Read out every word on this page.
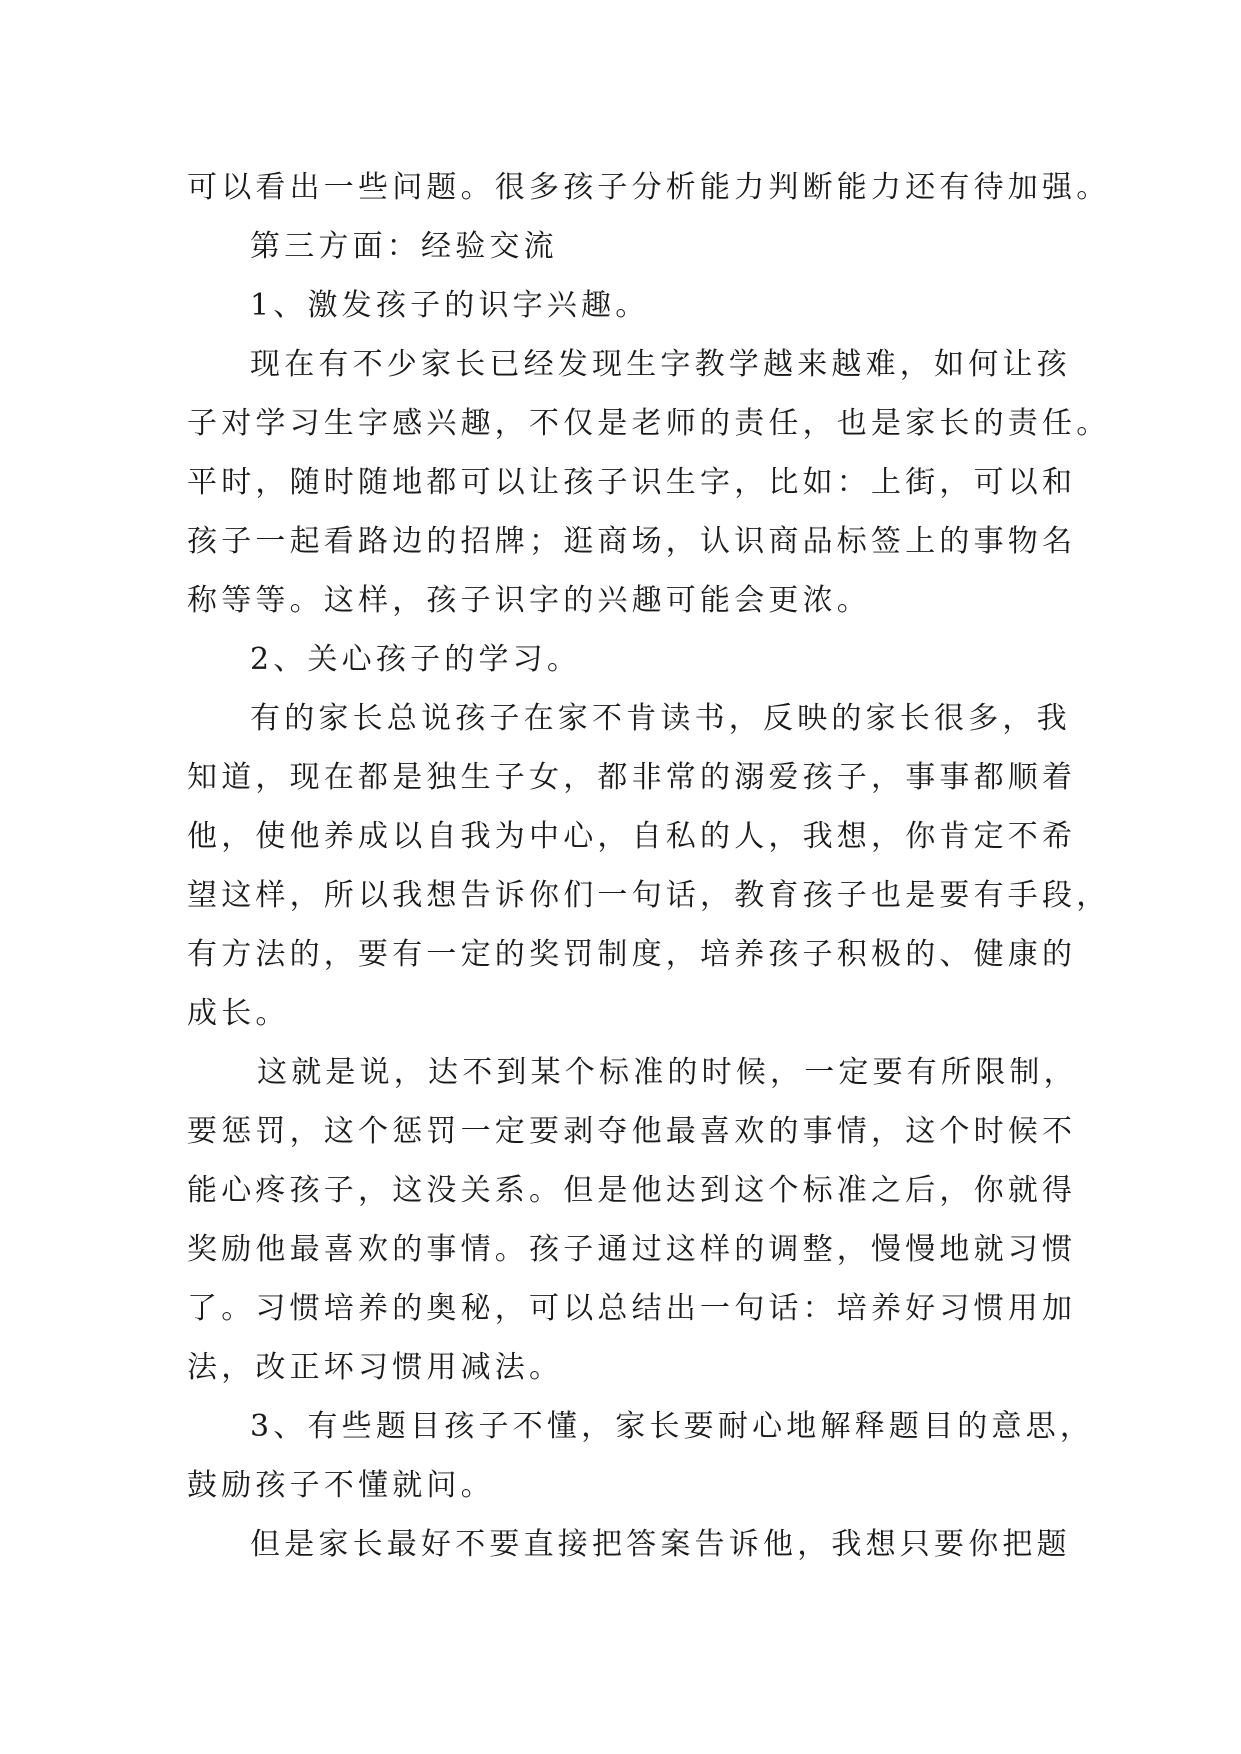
可以看出一些问题。很多孩子分析能力判断能力还有待加强。
第三方面：经验交流
1、激发孩子的识字兴趣。
现在有不少家长已经发现生字教学越来越难，如何让孩
子对学习生字感兴趣，不仅是老师的责任，也是家长的责任。
平时，随时随地都可以让孩子识生字，比如：上街，可以和
孩子一起看路边的招牌；逛商场，认识商品标签上的事物名
称等等。这样，孩子识字的兴趣可能会更浓。
2、关心孩子的学习。
有的家长总说孩子在家不肯读书，反映的家长很多，我
知道，现在都是独生子女，都非常的溺爱孩子，事事都顺着
他，使他养成以自我为中心，自私的人，我想，你肯定不希
望这样，所以我想告诉你们一句话，教育孩子也是要有手段，
有方法的，要有一定的奖罚制度，培养孩子积极的、健康的
成长。
这就是说，达不到某个标准的时候，一定要有所限制，
要惩罚，这个惩罚一定要剥夺他最喜欢的事情，这个时候不
能心疼孩子，这没关系。但是他达到这个标准之后，你就得
奖励他最喜欢的事情。孩子通过这样的调整，慢慢地就习惯
了。习惯培养的奥秘，可以总结出一句话：培养好习惯用加
法，改正坏习惯用减法。
3、有些题目孩子不懂，家长要耐心地解释题目的意思，
鼓励孩子不懂就问。
但是家长最好不要直接把答案告诉他，我想只要你把题
